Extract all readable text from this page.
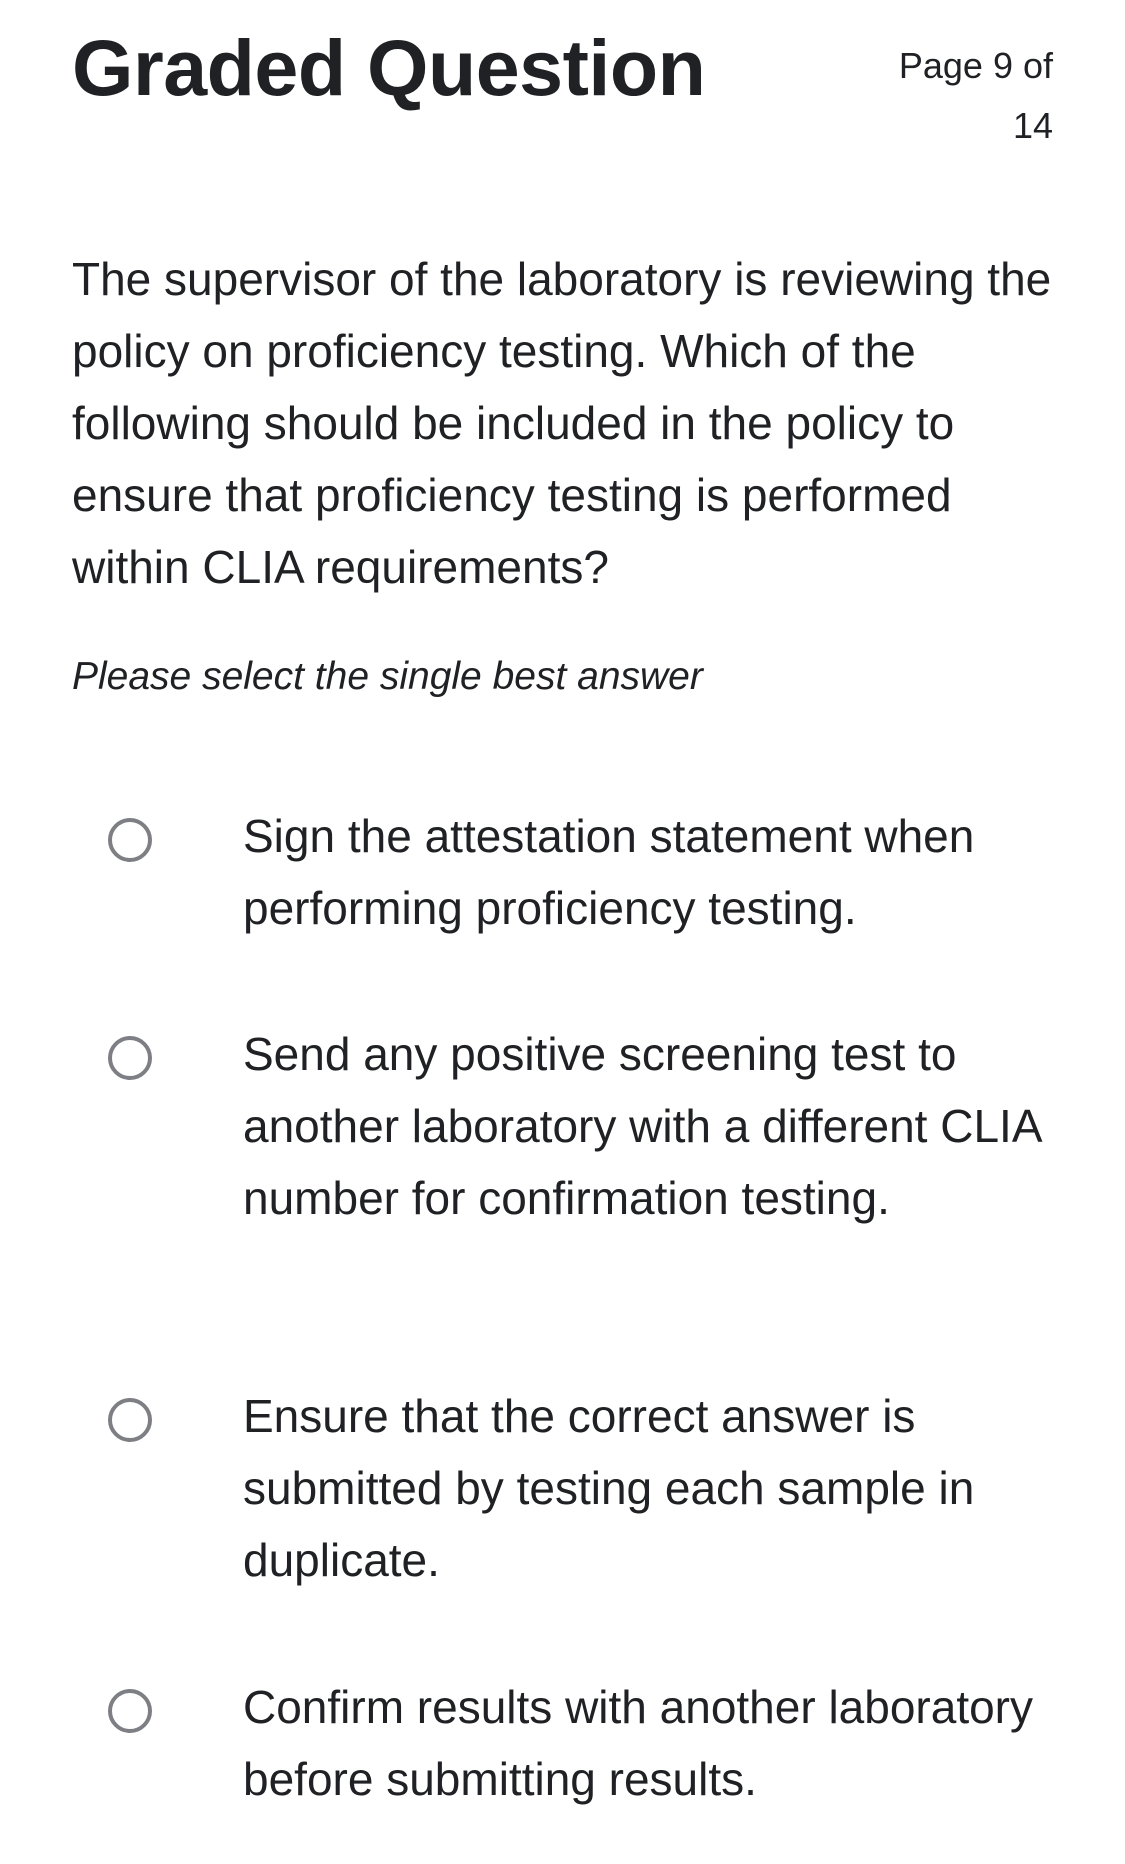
Graded Question	Page 9 of 14

The supervisor of the laboratory is reviewing the policy on proficiency testing. Which of the following should be included in the policy to ensure that proficiency testing is performed within CLIA requirements?

Please select the single best answer

Sign the attestation statement when performing proficiency testing.
Send any positive screening test to another laboratory with a different CLIA number for confirmation testing.
Ensure that the correct answer is submitted by testing each sample in duplicate.
Confirm results with another laboratory before submitting results.
